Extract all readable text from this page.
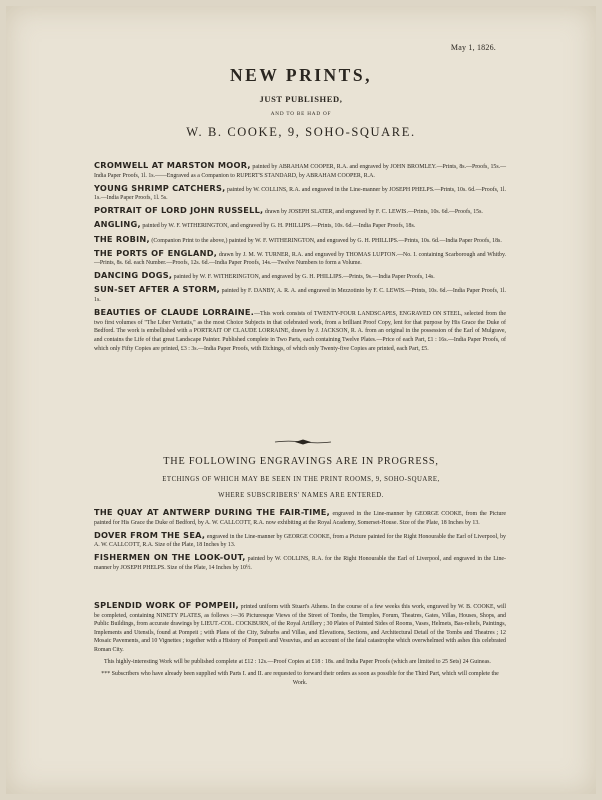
May 1, 1826.
NEW PRINTS,
JUST PUBLISHED,
AND TO BE HAD OF
W. B. COOKE, 9, SOHO-SQUARE.

CROMWELL AT MARSTON MOOR, painted by ABRAHAM COOPER, R.A. and engraved by JOHN BROMLEY.—Prints, 8s.—Proofs, 15s.—India Paper Proofs, 1l. 1s.——Engraved as a Companion to RUPERT'S STANDARD, by ABRAHAM COOPER, R.A.

YOUNG SHRIMP CATCHERS, painted by W. COLLINS, R.A. and engraved in the Line-manner by JOSEPH PHELPS.—Prints, 10s. 6d.—Proofs, 1l. 1s.—India Paper Proofs, 1l. 5s.

PORTRAIT OF LORD JOHN RUSSELL, drawn by JOSEPH SLATER, and engraved by F. C. LEWIS.—Prints, 10s. 6d.—Proofs, 15s.

ANGLING, painted by W. F. WITHERINGTON, and engraved by G. H. PHILLIPS.—Prints, 10s. 6d.—India Paper Proofs, 18s.

THE ROBIN, (Companion Print to the above,) painted by W. F. WITHERINGTON, and engraved by G. H. PHILLIPS.—Prints, 10s. 6d.—India Paper Proofs, 18s.

THE PORTS OF ENGLAND, drawn by J. M. W. TURNER, R.A. and engraved by THOMAS LUPTON.—No. I. containing Scarborough and Whitby.—Prints, 8s. 6d. each Number.—Proofs, 12s. 6d.—India Paper Proofs, 14s.—Twelve Numbers to form a Volume.

DANCING DOGS, painted by W. F. WITHERINGTON, and engraved by G. H. PHILLIPS.—Prints, 9s.—India Paper Proofs, 14s.

SUN-SET AFTER A STORM, painted by F. DANBY, A. R. A. and engraved in Mezzotinto by F. C. LEWIS.—Prints, 10s. 6d.—India Paper Proofs, 1l. 1s.

BEAUTIES OF CLAUDE LORRAINE.—This work consists of TWENTY-FOUR LANDSCAPES, ENGRAVED ON STEEL, selected from the two first volumes of "The Liber Veritatis," as the most Choice Subjects in that celebrated work, from a brilliant Proof Copy, lent for that purpose by His Grace the Duke of Bedford. The work is embellished with a PORTRAIT OF CLAUDE LORRAINE, drawn by J. JACKSON, R. A. from an original in the possession of the Earl of Mulgrave, and contains the Life of that great Landscape Painter. Published complete in Two Parts, each containing Twelve Plates.—Price of each Part, £1 : 16s.—India Paper Proofs, of which only Fifty Copies are printed, £3 : 3s.—India Paper Proofs, with Etchings, of which only Twenty-five Copies are printed, each Part, £5.

THE FOLLOWING ENGRAVINGS ARE IN PROGRESS,
ETCHINGS OF WHICH MAY BE SEEN IN THE PRINT ROOMS, 9, SOHO-SQUARE,
WHERE SUBSCRIBERS' NAMES ARE ENTERED.

THE QUAY AT ANTWERP DURING THE FAIR-TIME, engraved in the Line-manner by GEORGE COOKE, from the Picture painted for His Grace the Duke of Bedford, by A. W. CALLCOTT, R.A. now exhibiting at the Royal Academy, Somerset-House. Size of the Plate, 18 Inches by 13.

DOVER FROM THE SEA, engraved in the Line-manner by GEORGE COOKE, from a Picture painted for the Right Honourable the Earl of Liverpool, by A. W. CALLCOTT, R.A. Size of the Plate, 18 Inches by 13.

FISHERMEN ON THE LOOK-OUT, painted by W. COLLINS, R.A. for the Right Honourable the Earl of Liverpool, and engraved in the Line-manner by JOSEPH PHELPS. Size of the Plate, 14 Inches by 10½.

SPLENDID WORK OF POMPEII, printed uniform with Stuart's Athens. In the course of a few weeks this work, engraved by W. B. COOKE, will be completed, containing NINETY PLATES, as follows :—36 Picturesque Views of the Street of Tombs, the Temples, Forum, Theatres, Gates, Villas, Houses, Shops, and Public Buildings, from accurate drawings by LIEUT.-COL. COCKBURN, of the Royal Artillery ; 30 Plates of Painted Sides of Rooms, Vases, Helmets, Bas-reliefs, Paintings, Implements and Utensils, found at Pompeii ; with Plans of the City, Suburbs and Villas, and Elevations, Sections, and Architectural Detail of the Tombs and Theatres ; 12 Mosaic Pavements, and 10 Vignettes ; together with a History of Pompeii and Vesuvius, and an account of the fatal catastrophe which overwhelmed with ashes this celebrated Roman City.

This highly-interesting Work will be published complete at £12 : 12s.—Proof Copies at £18 : 18s. and India Paper Proofs (which are limited to 25 Sets) 24 Guineas.

*** Subscribers who have already been supplied with Parts I. and II. are requested to forward their orders as soon as possible for the Third Part, which will complete the Work.
